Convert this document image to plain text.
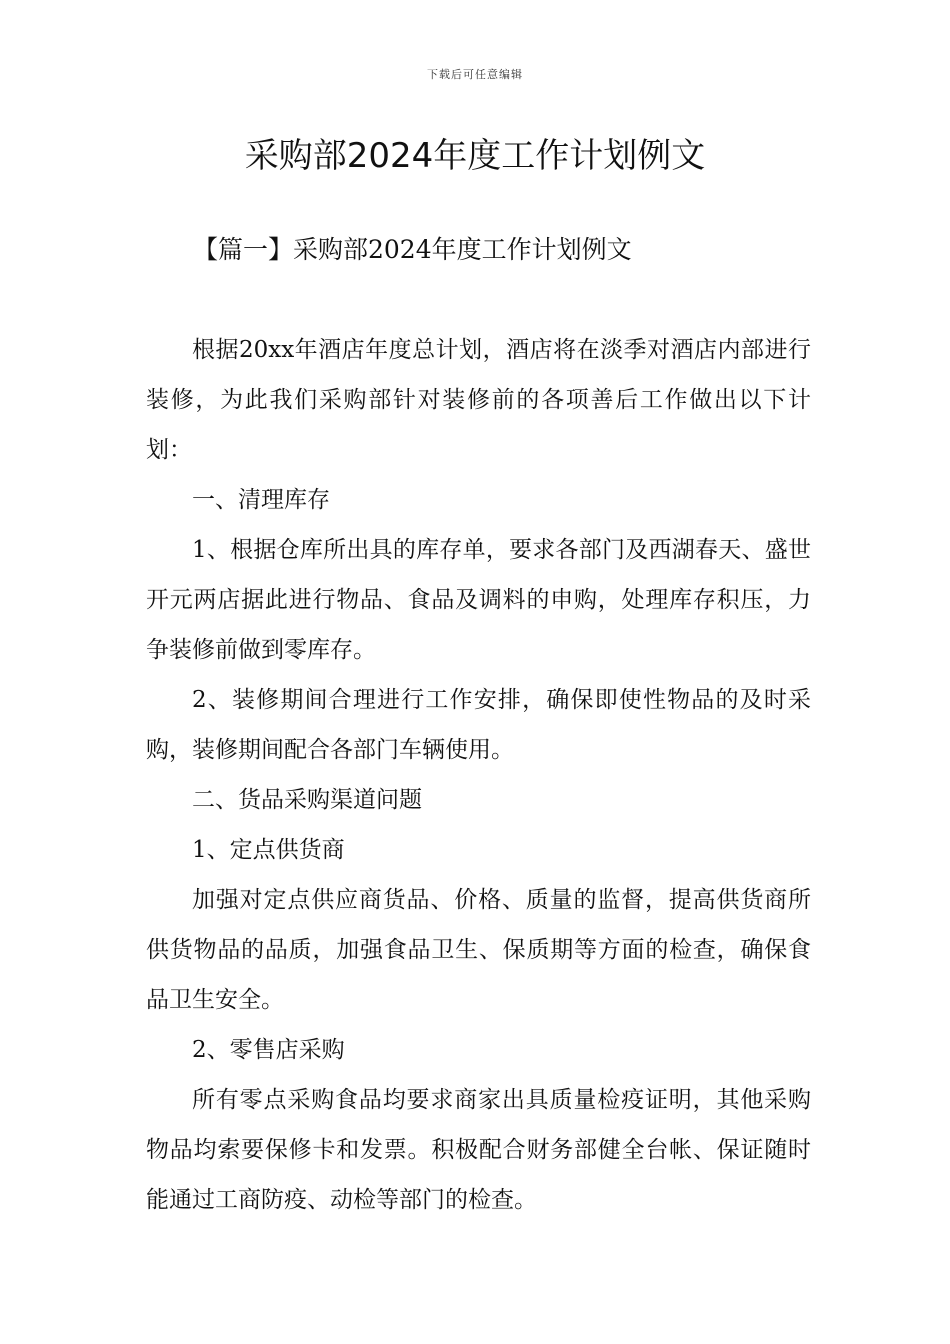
下载后可任意编辑
采购部2024年度工作计划例文
【篇一】采购部2024年度工作计划例文

根据20xx年酒店年度总计划，酒店将在淡季对酒店内部进行装修，为此我们采购部针对装修前的各项善后工作做出以下计划：

一、清理库存

1、根据仓库所出具的库存单，要求各部门及西湖春天、盛世开元两店据此进行物品、食品及调料的申购，处理库存积压，力争装修前做到零库存。

2、装修期间合理进行工作安排，确保即使性物品的及时采购，装修期间配合各部门车辆使用。

二、货品采购渠道问题

1、定点供货商

加强对定点供应商货品、价格、质量的监督，提高供货商所供货物品的品质，加强食品卫生、保质期等方面的检查，确保食品卫生安全。

2、零售店采购

所有零点采购食品均要求商家出具质量检疫证明，其他采购物品均索要保修卡和发票。积极配合财务部健全台帐、保证随时能通过工商防疫、动检等部门的检查。
